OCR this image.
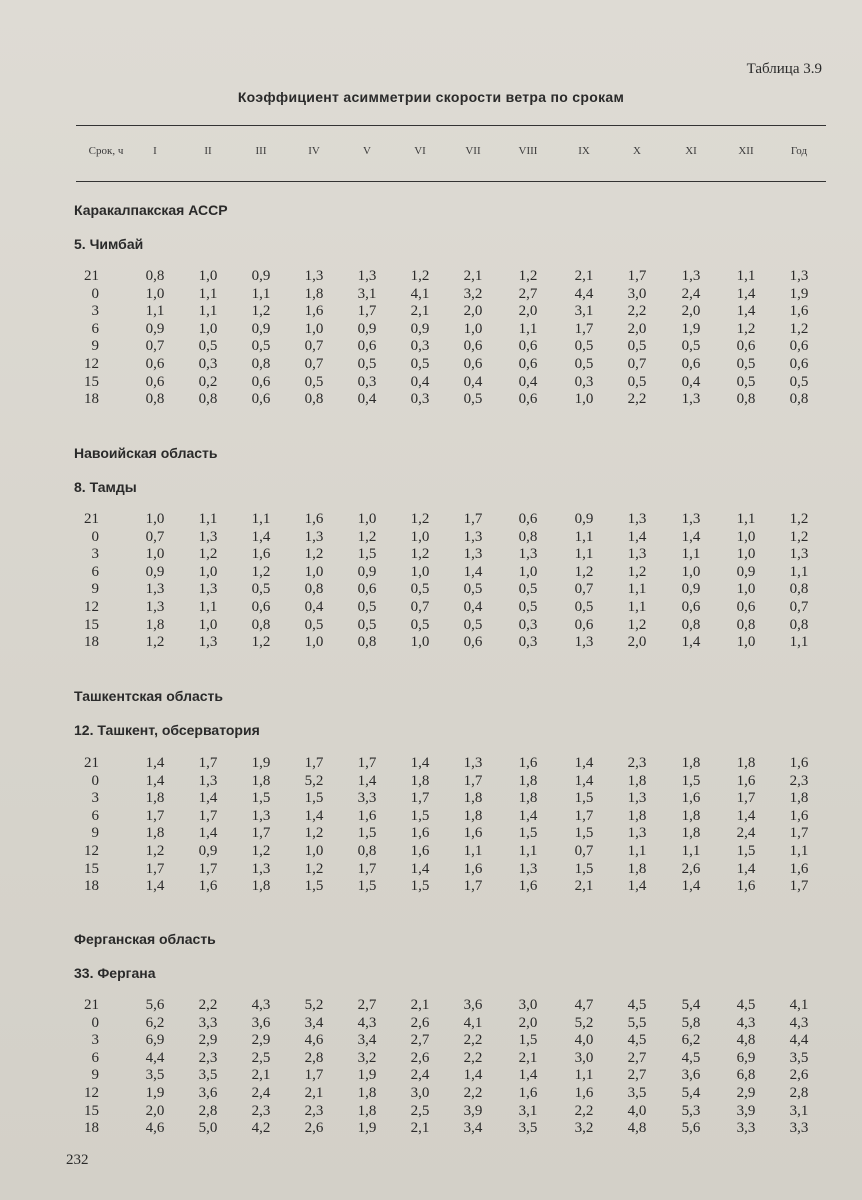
Таблица 3.9
Коэффициент асимметрии скорости ветра по срокам
Срок, ч	I	II	III	IV	V	VI	VII	VIII	IX	X	XI	XII	Год
Каракалпакская АССР
5. Чимбай
21	0,8	1,0	0,9	1,3	1,3	1,2	2,1	1,2	2,1	1,7	1,3	1,1	1,3
0	1,0	1,1	1,1	1,8	3,1	4,1	3,2	2,7	4,4	3,0	2,4	1,4	1,9
3	1,1	1,1	1,2	1,6	1,7	2,1	2,0	2,0	3,1	2,2	2,0	1,4	1,6
6	0,9	1,0	0,9	1,0	0,9	0,9	1,0	1,1	1,7	2,0	1,9	1,2	1,2
9	0,7	0,5	0,5	0,7	0,6	0,3	0,6	0,6	0,5	0,5	0,5	0,6	0,6
12	0,6	0,3	0,8	0,7	0,5	0,5	0,6	0,6	0,5	0,7	0,6	0,5	0,6
15	0,6	0,2	0,6	0,5	0,3	0,4	0,4	0,4	0,3	0,5	0,4	0,5	0,5
18	0,8	0,8	0,6	0,8	0,4	0,3	0,5	0,6	1,0	2,2	1,3	0,8	0,8
Навоийская область
8. Тамды
21	1,0	1,1	1,1	1,6	1,0	1,2	1,7	0,6	0,9	1,3	1,3	1,1	1,2
0	0,7	1,3	1,4	1,3	1,2	1,0	1,3	0,8	1,1	1,4	1,4	1,0	1,2
3	1,0	1,2	1,6	1,2	1,5	1,2	1,3	1,3	1,1	1,3	1,1	1,0	1,3
6	0,9	1,0	1,2	1,0	0,9	1,0	1,4	1,0	1,2	1,2	1,0	0,9	1,1
9	1,3	1,3	0,5	0,8	0,6	0,5	0,5	0,5	0,7	1,1	0,9	1,0	0,8
12	1,3	1,1	0,6	0,4	0,5	0,7	0,4	0,5	0,5	1,1	0,6	0,6	0,7
15	1,8	1,0	0,8	0,5	0,5	0,5	0,5	0,3	0,6	1,2	0,8	0,8	0,8
18	1,2	1,3	1,2	1,0	0,8	1,0	0,6	0,3	1,3	2,0	1,4	1,0	1,1
Ташкентская область
12. Ташкент, обсерватория
21	1,4	1,7	1,9	1,7	1,7	1,4	1,3	1,6	1,4	2,3	1,8	1,8	1,6
0	1,4	1,3	1,8	5,2	1,4	1,8	1,7	1,8	1,4	1,8	1,5	1,6	2,3
3	1,8	1,4	1,5	1,5	3,3	1,7	1,8	1,8	1,5	1,3	1,6	1,7	1,8
6	1,7	1,7	1,3	1,4	1,6	1,5	1,8	1,4	1,7	1,8	1,8	1,4	1,6
9	1,8	1,4	1,7	1,2	1,5	1,6	1,6	1,5	1,5	1,3	1,8	2,4	1,7
12	1,2	0,9	1,2	1,0	0,8	1,6	1,1	1,1	0,7	1,1	1,1	1,5	1,1
15	1,7	1,7	1,3	1,2	1,7	1,4	1,6	1,3	1,5	1,8	2,6	1,4	1,6
18	1,4	1,6	1,8	1,5	1,5	1,5	1,7	1,6	2,1	1,4	1,4	1,6	1,7
Ферганская область
33. Фергана
21	5,6	2,2	4,3	5,2	2,7	2,1	3,6	3,0	4,7	4,5	5,4	4,5	4,1
0	6,2	3,3	3,6	3,4	4,3	2,6	4,1	2,0	5,2	5,5	5,8	4,3	4,3
3	6,9	2,9	2,9	4,6	3,4	2,7	2,2	1,5	4,0	4,5	6,2	4,8	4,4
6	4,4	2,3	2,5	2,8	3,2	2,6	2,2	2,1	3,0	2,7	4,5	6,9	3,5
9	3,5	3,5	2,1	1,7	1,9	2,4	1,4	1,4	1,1	2,7	3,6	6,8	2,6
12	1,9	3,6	2,4	2,1	1,8	3,0	2,2	1,6	1,6	3,5	5,4	2,9	2,8
15	2,0	2,8	2,3	2,3	1,8	2,5	3,9	3,1	2,2	4,0	5,3	3,9	3,1
18	4,6	5,0	4,2	2,6	1,9	2,1	3,4	3,5	3,2	4,8	5,6	3,3	3,3
232
